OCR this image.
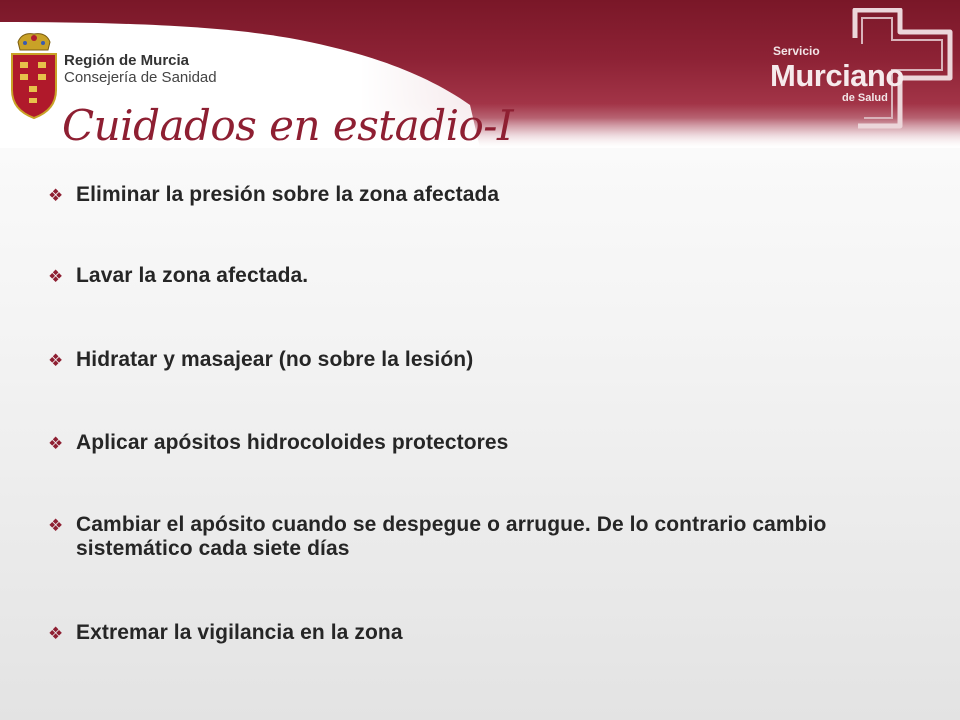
Región de Murcia
Consejería de Sanidad
Servicio
Murciano
de Salud
Cuidados en estadio-I
❖ Eliminar la presión sobre la zona afectada
❖ Lavar la zona afectada.
❖ Hidratar y masajear (no sobre la lesión)
❖ Aplicar apósitos hidrocoloides protectores
❖ Cambiar el apósito cuando se despegue o arrugue. De lo contrario cambio sistemático cada siete días
❖ Extremar la vigilancia en la zona
